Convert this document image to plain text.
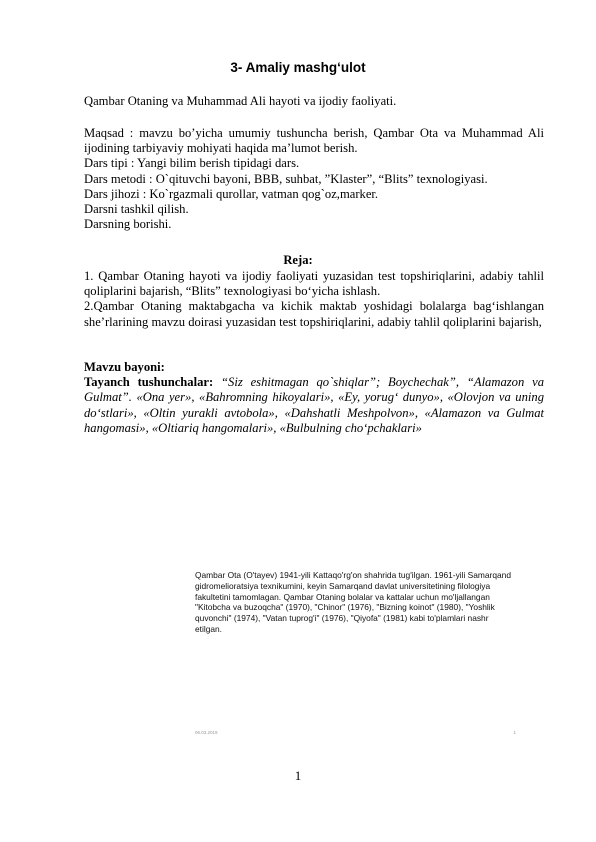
3- Amaliy mashg‘ulot
Qambar Otaning va Muhammad Ali hayoti va ijodiy faoliyati.

Maqsad : mavzu bo’yicha umumiy tushuncha berish, Qambar Ota va Muhammad Ali ijodining tarbiyaviy mohiyati haqida ma’lumot berish.

Dars tipi : Yangi bilim berish tipidagi dars.

Dars metodi : O`qituvchi bayoni, BBB, suhbat, ”Klaster”, “Blits” texnologiyasi.

Dars jihozi : Ko`rgazmali qurollar, vatman qog`oz,marker.

Darsni tashkil qilish.

Darsning borishi.

Reja:

1. Qambar Otaning hayoti va ijodiy faoliyati yuzasidan test topshiriqlarini, adabiy tahlil qoliplarini bajarish, “Blits” texnologiyasi bo‘yicha ishlash.

2.Qambar Otaning maktabgacha va kichik maktab yoshidagi bolalarga bag‘ishlangan she’rlarining mavzu doirasi yuzasidan test topshiriqlarini, adabiy tahlil qoliplarini bajarish,

Mavzu bayoni:

Tayanch tushunchalar: “Siz eshitmagan qo`shiqlar”; Boychechak”, “Alamazon va Gulmat”. «Ona yer», «Bahromning hikoyalari», «Ey, yorug‘ dunyo», «Olovjon va uning do‘stlari», «Oltin yurakli avtobola», «Dahshatli Meshpolvon», «Alamazon va Gulmat hangomasi», «Oltiariq hangomalari», «Bulbulning cho‘pchaklari»

Qambar Ota (O'tayev) 1941-yili Kattaqo'rg'on shahrida tug'ilgan. 1961-yili Samarqand gidromelioratsiya texnikumini, keyin Samarqand davlat universitetining filologiya fakultetini tamomlagan. Qambar Otaning bolalar va kattalar uchun mo'ljallangan "Kitobcha va buzoqcha" (1970), "Chinor" (1976), "Bizning koinot" (1980), "Yoshlik quvonchi" (1974), "Vatan tuprog'i" (1976), "Qiyofa" (1981) kabi to'plamlari nashr etilgan.

06.03.2019	1
1
